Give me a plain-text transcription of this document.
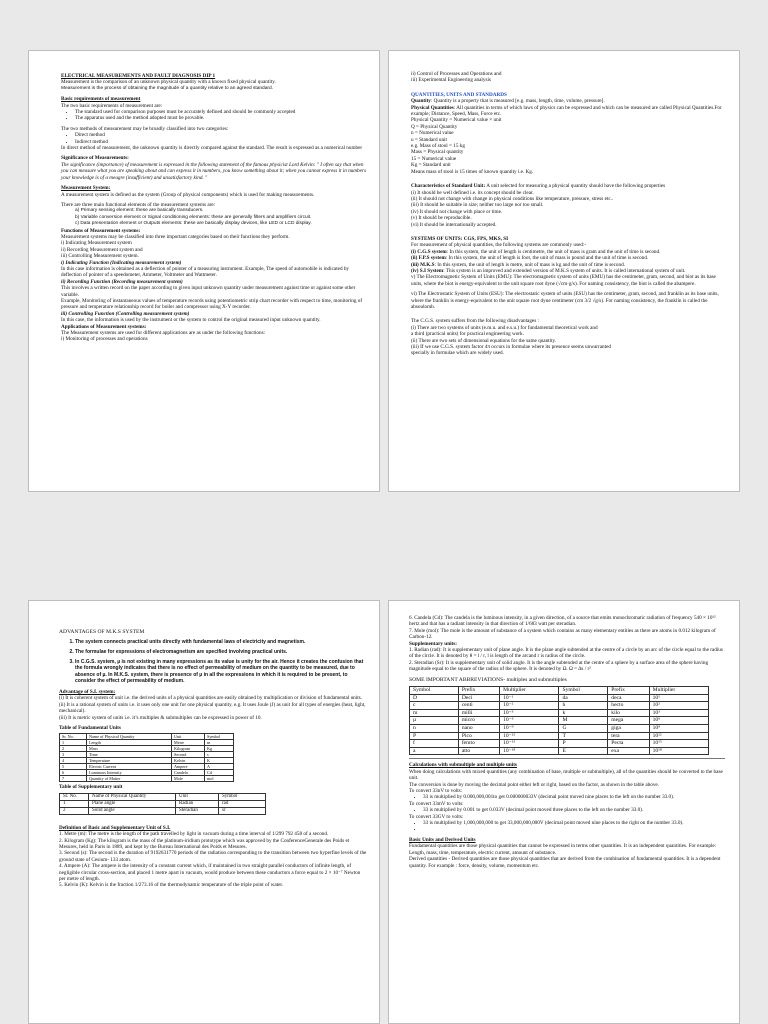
ELECTRICAL MEASUREMENTS AND FAULT DIAGNOSIS DIP 1

Measurement is the comparison of an unknown physical quantity with a known fixed physical quantity.

Measurement is the process of obtaining the magnitude of a quantity relative to an agreed standard.

Basic requirements of measurement

The two basic requirements of measurement are:

• The standard used for comparison purposes must be accurately defined and should be commonly accepted
• The apparatus used and the method adopted must be provable.

The two methods of measurement may be broadly classified into two categories:

• Direct method
• Indirect method

In direct method of measurement, the unknown quantity is directly compared against the standard. The result is expressed as a numerical number

Significance of Measurements:

The significance (importance) of measurement is expressed in the following statement of the famous physicist Lord Kelvin: " I often say that when you can measure what you are speaking about and can express it in numbers, you know something about it; when you cannot express it in numbers your knowledge is of a meagre (insufficient) and unsatisfactory kind. "

Measurement System:

A measurement system is defined as the system (Group of physical components) which is used for making measurements.

There are three main functional elements of the measurement systems are:

a) Primary sensing element: these are basically transducers.
b) Variable conversion element or Signal conditioning elements: these are generally filters and amplifiers circuit.
c) Data presentation element or Outputs elements: these are basically display devices, like LED or LCD display.

Functions of Measurement systems:

Measurement systems may be classified into three important categories based on their functions they perform.

i) Indicating Measurement system

ii) Recording Measurement system and

iii) Controlling Measurement system.

i) Indicating Function (Indicating measurement system)

In this case information is obtained as a deflection of pointer of a measuring instrument. Example, The speed of automobile is indicated by deflection of pointer of a speedometer, Ammeter, Voltmeter and Wattmeter.

ii) Recording Function (Recording measurement system)

This involves a written record on the paper according to given input unknown quantity under measurement against time or against some other variable.

Example, Monitoring of instantaneous values of temperature records using potentiometric strip chart recorder with respect to time, monitoring of pressure and temperature relationship record for boiler and compressor using X-Y recorder.

iii) Controlling Function (Controlling measurement system)

In this case, the information is used by the instrument or the system to control the original measured input unknown quantity.

Applications of Measurement systems:

The Measurement systems are used for different applications are as under the following functions:

i) Monitoring of processes and operations

ii) Control of Processes and Operations and

iii) Experimental Engineering analysis

QUANTITIES, UNITS AND STANDARDS

Quantity: Quantity is a property that is measured [e.g. mass, length, time, volume, pressure].

Physical Quantities: All quantities in terms of which laws of physics can be expressed and which can be measured are called Physical Quantities.For example; Distance, Speed, Mass, Force etc.

Physical Quantity = Numerical value × unit

Q = Physical Quantity

n = Numerical value

u = Standard unit

e.g. Mass of stool = 15 kg

Mass = Physical quantity

15 = Numerical value

Kg = Standard unit

Means mass of stool is 15 times of known quantity i.e. Kg.

Characteristics of Standard Unit: A unit selected for measuring a physical quantity should have the following properties

(i) It should be well defined i.e. its concept should be clear.

(ii) It should not change with change in physical conditions like temperature, pressure, stress etc..

(iii) It should be suitable in size; neither too large nor too small.

(iv) It should not change with place or time.

(v) It should be reproducible.

(vi) It should be internationally accepted.

SYSTEMS OF UNITS: CGS, FPS, MKS, SI

For measurement of physical quantities, the following systems are commonly used:-

(i) C.G.S system: In this system, the unit of length is centimetre, the unit of mass is gram and the unit of time is second.

(ii) F.P.S system: In this system, the unit of length is foot, the unit of mass is pound and the unit of time is second.

(iii) M.K.S: In this system, the unit of length is metre, unit of mass is kg and the unit of time is second.

(iv) S.I System: This system is an improved and extended version of M.K.S system of units. It is called international system of unit.

v) The Electromagnetic System of Units (EMU): The electromagnetic system of units (EMU) has the centimeter, gram, second, and biot as its base units, where the biot is energy-equivalent to the unit square root dyne (√cm·g/s). For naming consistency, the biot is called the abampere.

vi) The Electrostatic System of Units (ESU): The electrostatic system of units (ESU) has the centimeter, gram, second, and franklin as its base units, where the franklin is energy-equivalent to the unit square root dyne centimeter (cm 3/2 √g/s). For naming consistency, the franklin is called the absoulomb.

The C.G.S. system suffers from the following disadvantages :

(i) There are two systems of units (e.m.u. and e.s.u.) for fundamental theoretical work and

a third (practical units) for practical engineering work.

(ii) There are two sets of dimensional equations for the same quantity.

(iii) If we use C.G.S. system factor 4π occurs in formulae where its presence seems unwarranted

specially in formulae which are widely used.

ADVANTAGES OF M.K.S SYSTEM

1. The system connects practical units directly with fundamental laws of electricity and magnetism.
2. The formulae for expressions of electromagnetism are specified involving practical units.
3. In C.G.S. system, µ is not existing in many expressions as its value is unity for the air. Hence it creates the confusion that the formula wrongly indicates that there is no effect of permeability of medium on the quantity to be measured, due to absence of µ. In M.K.S. system, there is presence of µ in all the expressions in which it is required to be present, to consider the effect of permeability of medium.

Advantage of S.I. system:

(i) It is coherent system of unit i.e. the derived units of a physical quantities are easily obtained by multiplication or division of fundamental units.

(ii) It is a rational system of units i.e. it uses only one unit for one physical quantity. e.g. It uses Joule (J) as unit for all types of energies (heat, light, mechanical).

(iii) It is metric system of units i.e. it’s multiples & submultiples can be expressed in power of 10.

Table of Fundamental Units

Sr. No.	Name of Physical Quantity	Unit	Symbol
1	Length	Metre	m
2	Mass	Kilogram	Kg
3	Time	Second	s
4	Temperature	Kelvin	K
5	Electric Current	Ampere	A
6	Luminous Intensity	Candela	Cd
7	Quantity of Matter	Mole	mol

Table of Supplementary unit

Sr. No.	Name of Physical Quantity	Unit	Symbol
1	Plane angle	Radian	rad
2	Solid angle	Steradian	sr

Definition of Basic and Supplementary Unit of S.I.

1. Metre (m): The metre is the length of the path travelled by light in vacuum during a time interval of 1/299 792 458 of a second.

2. Kilogram (Kg): The kilogram is the mass of the platinum-iridium prototype which was approved by the ConferenceGenerale des Poids et Mesures, held in Paris in 1889, and kept by the Bureau International des Poids et Mesures.

3. Second (s): The second is the duration of 9192631770 periods of the radiation corresponding to the transition between two hyperfine levels of the ground state of Cesium- 133 atom.

4. Ampere (A): The ampere is the intensity of a constant current which, if maintained in two straight parallel conductors of infinite length, of negligible circular cross-section, and placed 1 metre apart in vacuum, would produce between these conductors a force equal to 2 × 10⁻⁷ Newton per metre of length.

5. Kelvin (K): Kelvin is the fraction 1/273.16 of the thermodynamic temperature of the triple point of water.

6. Candela (Cd): The candela is the luminous intensity, in a given direction, of a source that emits monochromatic radiation of frequency 540 × 10¹² hertz and that has a radiant intensity in that direction of 1/683 watt per steradian.

7. Mole (mol): The mole is the amount of substance of a system which contains as many elementary entities as there are atoms in 0.012 kilogram of Carbon-12.

Supplementary units:

1. Radian (rad): It is supplementary unit of plane angle. It is the plane angle subtended at the centre of a circle by an arc of the circle equal to the radius of the circle. It is denoted by θ = l / r, l is length of the arcand r is radius of the circle.

2. Steradian (Sr): It is supplementary unit of solid angle. It is the angle subtended at the centre of a sphere by a surface area of the sphere having magnitude equal to the square of the radius of the sphere. It is denoted by Ω. Ω = Δs / r²

SOME IMPORTANT ABBREVIATIONS- multiples and submultiples

Symbol	Prefix	Multiplier	Symbol	Prefix	Multiplier
D	Deci	10⁻¹	da	deca	10¹
c	centi	10⁻²	h	hecto	10²
m	milli	10⁻³	k	kilo	10³
µ	micro	10⁻⁶	M	mega	10⁶
n	nano	10⁻⁹	G	giga	10⁹
P	Pico	10⁻¹²	T	tera	10¹²
f	femto	10⁻¹⁵	P	Pecta	10¹⁵
a	atto	10⁻¹⁸	E	exa	10¹⁸

Calculations with submultiple and multiple units

When doing calculations with mixed quantities (any combination of base, multiple or submultiple), all of the quantities should be converted to the base unit.

The conversion is done by moving the decimal point either left or right, based on the factor, as shown in the table above.

To convert 33nV to volts:

• 33 is multiplied by 0.000,000,001to get 0.000000033V (decimal point moved nine places to the left on the number 33.0).

To convert 33mV to volts:

• 33 is multiplied by 0.001 to get 0.033V (decimal point moved three places to the left on the number 33.0).

To convert 33GV to volts:

• 33 is multiplied by 1,000,000,000 to get 33,000,000,000V (decimal point moved nine places to the right on the number 33.0).
•

Basic Units and Derived Units

Fundamental quantities are those physical quantities that cannot be expressed in terms other quantities. It is an independent quantities. For example: Length, mass, time, temperature, electric current, amount of substance.

Derived quantities - Derived quantities are those physical quantities that are derived from the combination of fundamental quantities. It is a dependent quantity. For example : force, density, volume, momentum etc.
